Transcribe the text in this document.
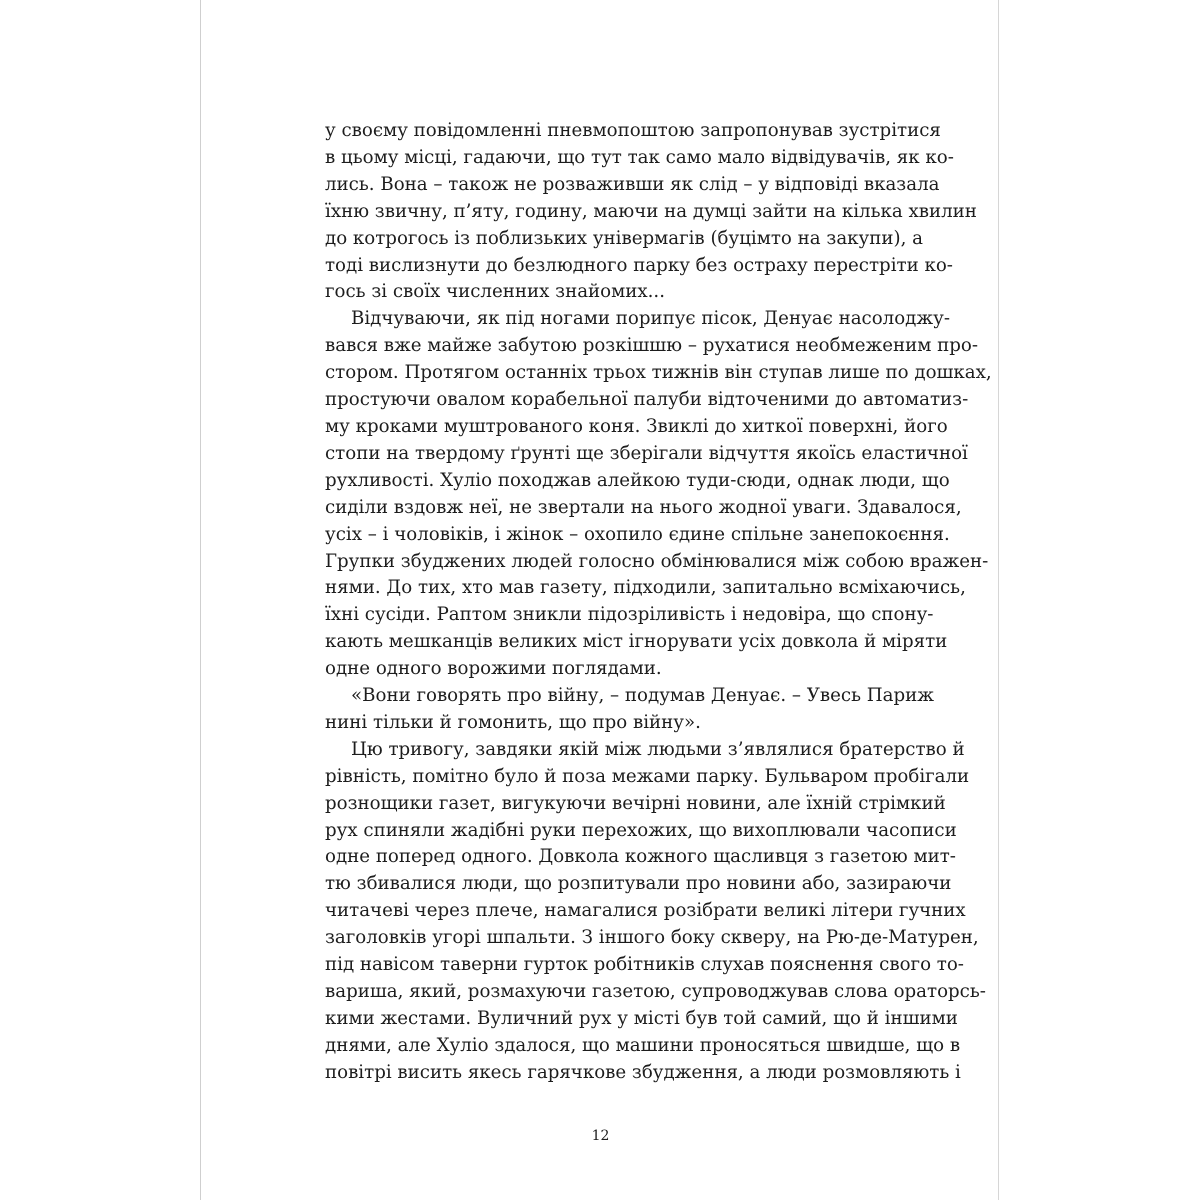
у своєму повідомленні пневмопоштою запропонував зустрітися
в цьому місці, гадаючи, що тут так само мало відвідувачів, як ко-
лись. Вона – також не розваживши як слід – у відповіді вказала
їхню звичну, п’яту, годину, маючи на думці зайти на кілька хвилин
до котрогось із поблизьких універмагів (буцімто на закупи), а
тоді вислизнути до безлюдного парку без остраху перестріти ко-
гось зі своїх численних знайомих...
Відчуваючи, як під ногами порипує пісок, Денуає насолоджу-
вався вже майже забутою розкішшю – рухатися необмеженим про-
стором. Протягом останніх трьох тижнів він ступав лише по дошках,
простуючи овалом корабельної палуби відточеними до автоматиз-
му кроками муштрованого коня. Звиклі до хиткої поверхні, його
стопи на твердому ґрунті ще зберігали відчуття якоїсь еластичної
рухливості. Хуліо походжав алейкою туди-сюди, однак люди, що
сиділи вздовж неї, не звертали на нього жодної уваги. Здавалося,
усіх – і чоловіків, і жінок – охопило єдине спільне занепокоєння.
Групки збуджених людей голосно обмінювалися між собою вражен-
нями. До тих, хто мав газету, підходили, запитально всміхаючись,
їхні сусіди. Раптом зникли підозріливість і недовіра, що спону-
кають мешканців великих міст ігнорувати усіх довкола й міряти
одне одного ворожими поглядами.
«Вони говорять про війну, – подумав Денуає. – Увесь Париж
нині тільки й гомонить, що про війну».
Цю тривогу, завдяки якій між людьми з’являлися братерство й
рівність, помітно було й поза межами парку. Бульваром пробігали
рознощики газет, вигукуючи вечірні новини, але їхній стрімкий
рух спиняли жадібні руки перехожих, що вихоплювали часописи
одне поперед одного. Довкола кожного щасливця з газетою мит-
тю збивалися люди, що розпитували про новини або, зазираючи
читачеві через плече, намагалися розібрати великі літери гучних
заголовків угорі шпальти. З іншого боку скверу, на Рю-де-Матурен,
під навісом таверни гурток робітників слухав пояснення свого то-
вариша, який, розмахуючи газетою, супроводжував слова ораторсь-
кими жестами. Вуличний рух у місті був той самий, що й іншими
днями, але Хуліо здалося, що машини проносяться швидше, що в
повітрі висить якесь гарячкове збудження, а люди розмовляють і
12
